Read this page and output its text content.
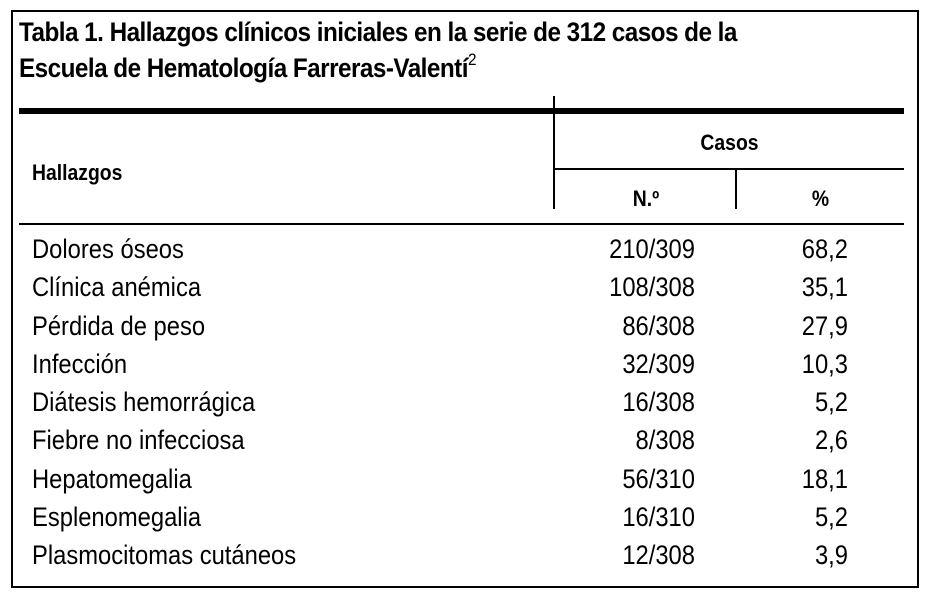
Tabla 1. Hallazgos clínicos iniciales en la serie de 312 casos de la
Escuela de Hematología Farreras-Valentí$^2$
Hallazgos
Casos
N.º	%
Dolores óseos	210/309	68,2
Clínica anémica	108/308	35,1
Pérdida de peso	86/308	27,9
Infección	32/309	10,3
Diátesis hemorrágica	16/308	5,2
Fiebre no infecciosa	8/308	2,6
Hepatomegalia	56/310	18,1
Esplenomegalia	16/310	5,2
Plasmocitomas cutáneos	12/308	3,9
